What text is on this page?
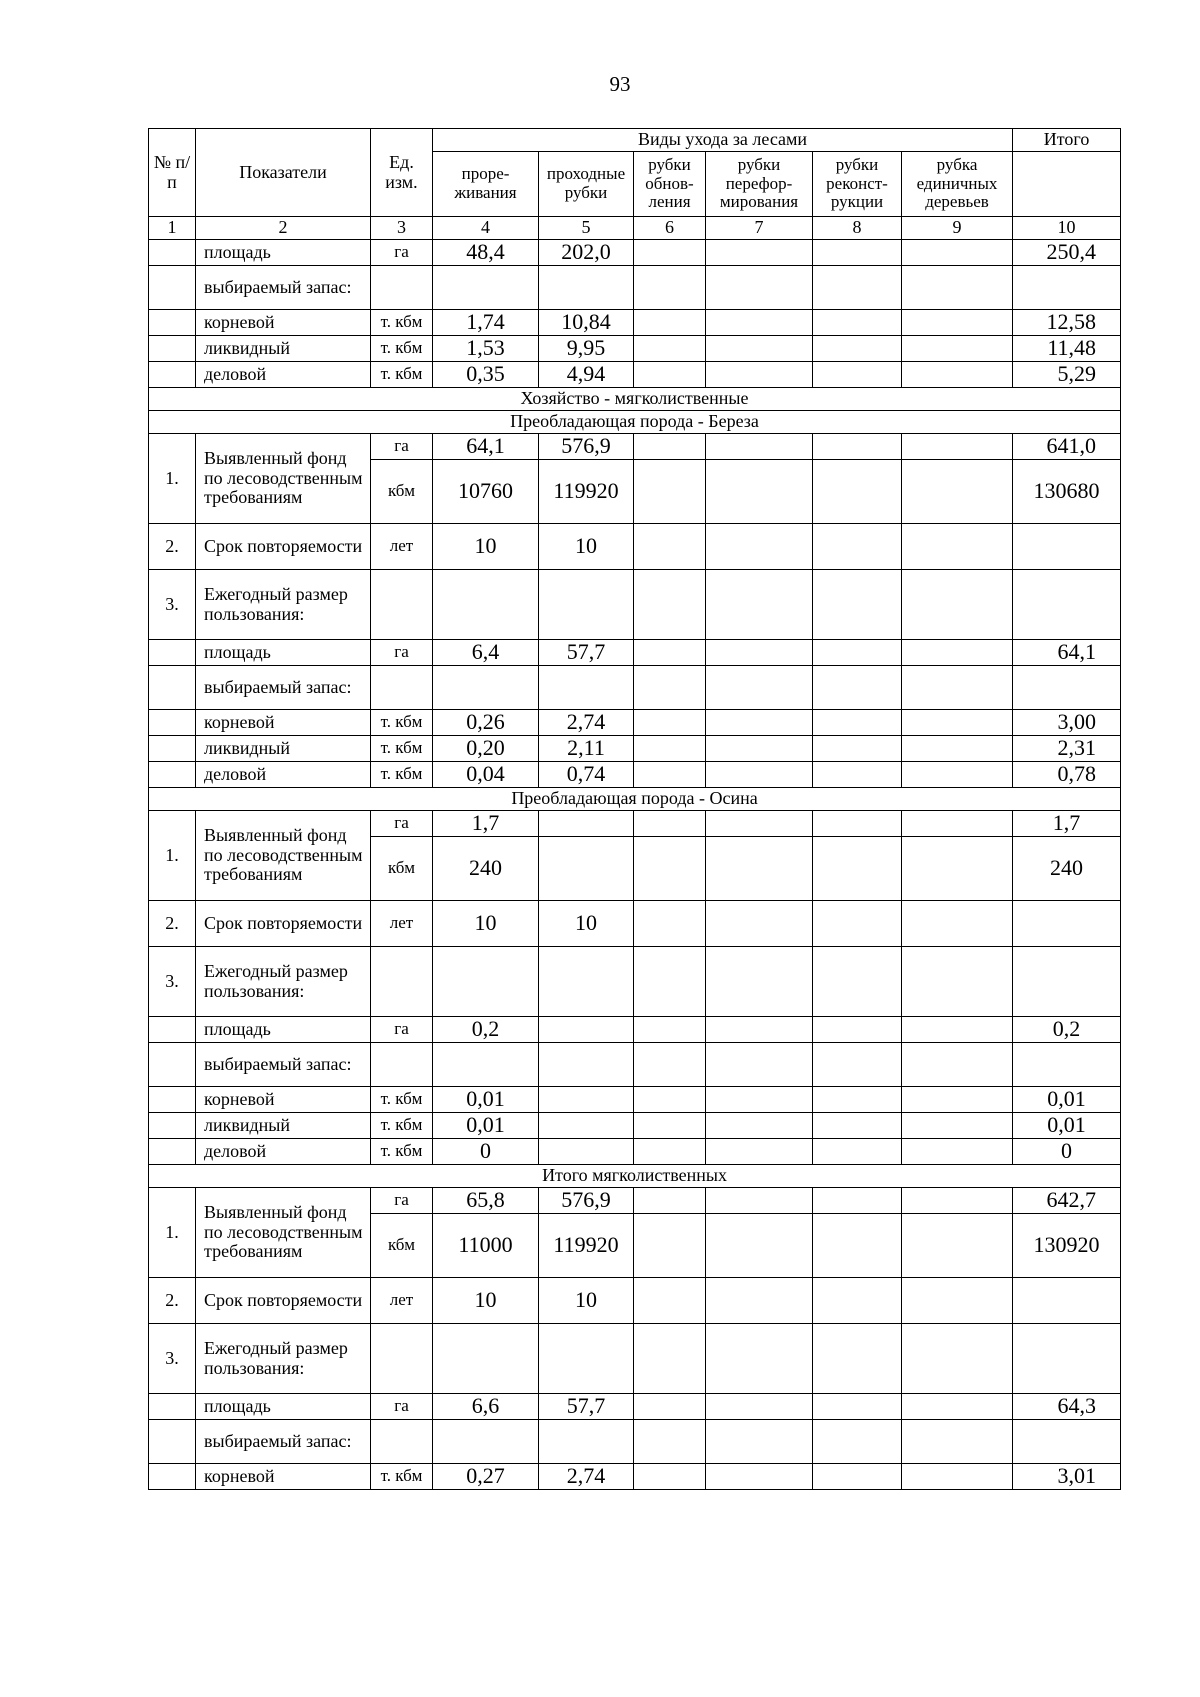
93
№ п/п	Показатели	Ед. изм.	Виды ухода за лесами						Итого
			проре-живания	проходные рубки	рубки обнов-ления	рубки перефор-мирования	рубки реконст-рукции	рубка единичных деревьев	
1	2	3	4	5	6	7	8	9	10
	площадь	га	48,4	202,0					250,4
	выбираемый запас:								
	корневой	т. кбм	1,74	10,84					12,58
	ликвидный	т. кбм	1,53	9,95					11,48
	деловой	т. кбм	0,35	4,94					5,29
Хозяйство - мягколиственные									
Преобладающая порода - Береза									
1.	Выявленный фонд по лесоводственным требованиям	га	64,1	576,9					641,0
		кбм	10760	119920					130680
2.	Срок повторяемости	лет	10	10					
3.	Ежегодный размер пользования:								
	площадь	га	6,4	57,7					64,1
	выбираемый запас:								
	корневой	т. кбм	0,26	2,74					3,00
	ликвидный	т. кбм	0,20	2,11					2,31
	деловой	т. кбм	0,04	0,74					0,78
Преобладающая порода - Осина									
1.	Выявленный фонд по лесоводственным требованиям	га	1,7						1,7
		кбм	240						240
2.	Срок повторяемости	лет	10	10					
3.	Ежегодный размер пользования:								
	площадь	га	0,2						0,2
	выбираемый запас:								
	корневой	т. кбм	0,01						0,01
	ликвидный	т. кбм	0,01						0,01
	деловой	т. кбм	0						0
Итого мягколиственных									
1.	Выявленный фонд по лесоводственным требованиям	га	65,8	576,9					642,7
		кбм	11000	119920					130920
2.	Срок повторяемости	лет	10	10					
3.	Ежегодный размер пользования:								
	площадь	га	6,6	57,7					64,3
	выбираемый запас:								
	корневой	т. кбм	0,27	2,74					3,01
